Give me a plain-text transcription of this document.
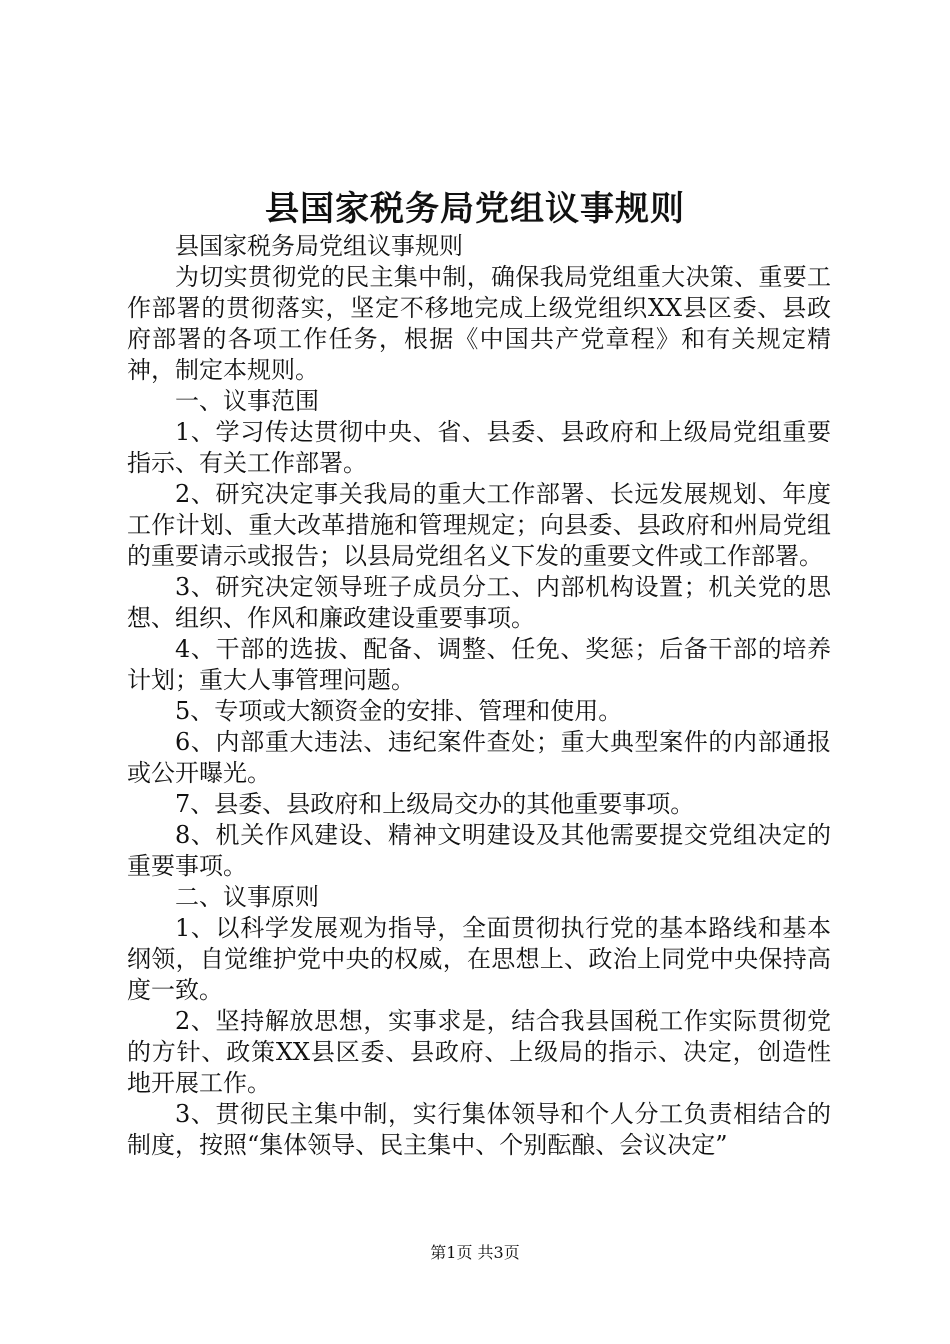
县国家税务局党组议事规则

县国家税务局党组议事规则

为切实贯彻党的民主集中制，确保我局党组重大决策、重要工作部署的贯彻落实，坚定不移地完成上级党组织XX县区委、县政府部署的各项工作任务，根据《中国共产党章程》和有关规定精神，制定本规则。

一、议事范围

1、学习传达贯彻中央、省、县委、县政府和上级局党组重要指示、有关工作部署。

2、研究决定事关我局的重大工作部署、长远发展规划、年度工作计划、重大改革措施和管理规定；向县委、县政府和州局党组的重要请示或报告；以县局党组名义下发的重要文件或工作部署。

3、研究决定领导班子成员分工、内部机构设置；机关党的思想、组织、作风和廉政建设重要事项。

4、干部的选拔、配备、调整、任免、奖惩；后备干部的培养计划；重大人事管理问题。

5、专项或大额资金的安排、管理和使用。

6、内部重大违法、违纪案件查处；重大典型案件的内部通报或公开曝光。

7、县委、县政府和上级局交办的其他重要事项。

8、机关作风建设、精神文明建设及其他需要提交党组决定的重要事项。

二、议事原则

1、以科学发展观为指导，全面贯彻执行党的基本路线和基本纲领，自觉维护党中央的权威，在思想上、政治上同党中央保持高度一致。

2、坚持解放思想，实事求是，结合我县国税工作实际贯彻党的方针、政策XX县区委、县政府、上级局的指示、决定，创造性地开展工作。

3、贯彻民主集中制，实行集体领导和个人分工负责相结合的制度，按照“集体领导、民主集中、个别酝酿、会议决定”

第1页 共3页
